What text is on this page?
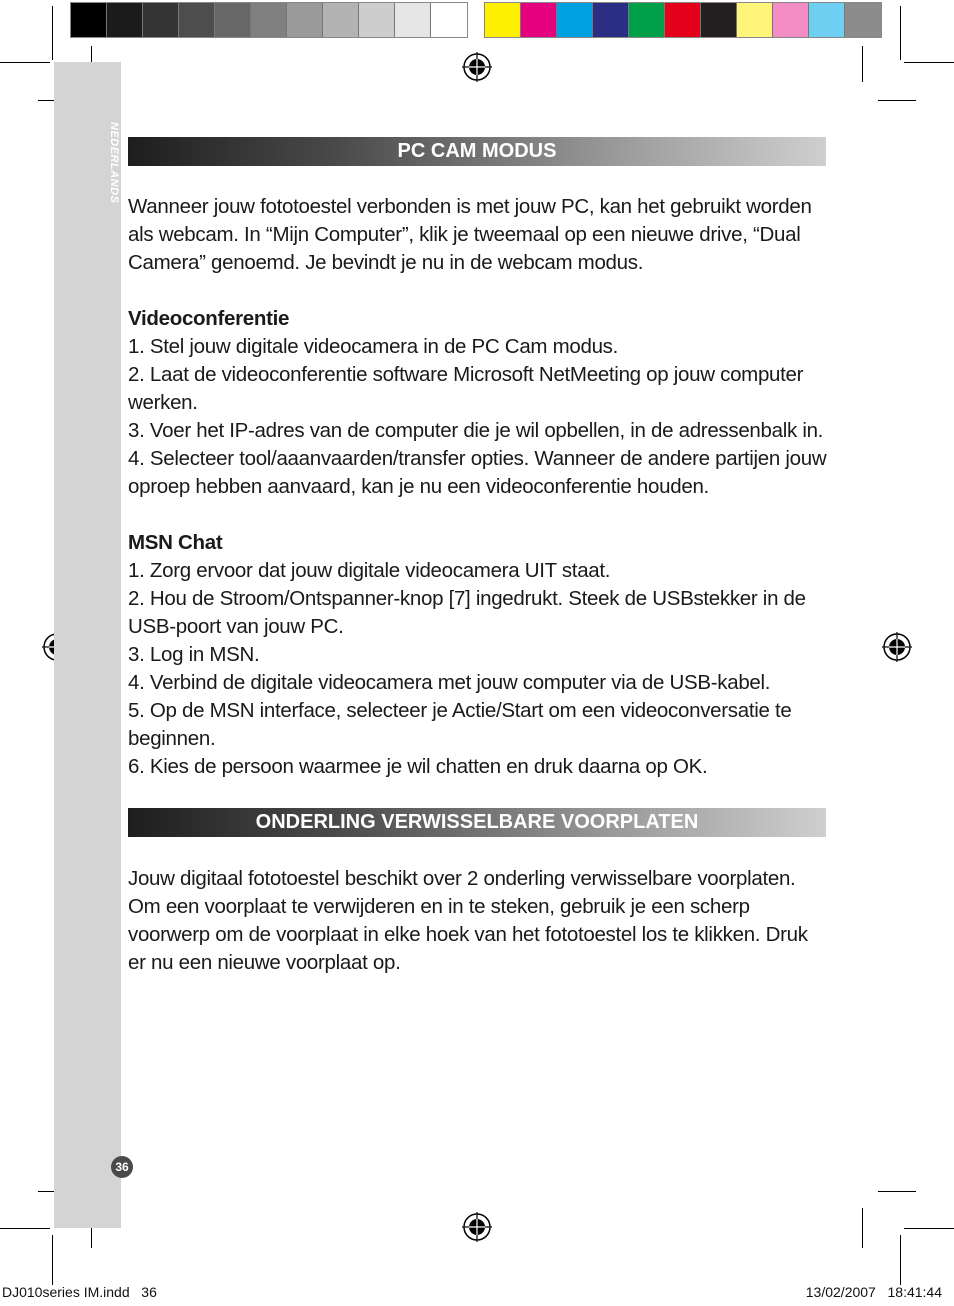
NEDERLANDS
36
PC CAM MODUS

Wanneer jouw fototoestel verbonden is met jouw PC, kan het gebruikt worden als webcam. In “Mijn Computer”, klik je tweemaal op een nieuwe drive, “Dual Camera” genoemd. Je bevindt je nu in de webcam modus.

Videoconferentie

1. Stel jouw digitale videocamera in de PC Cam modus.

2. Laat de videoconferentie software Microsoft NetMeeting op jouw computer werken.

3. Voer het IP-adres van de computer die je wil opbellen, in de adressenbalk in.

4. Selecteer tool/aaanvaarden/transfer opties. Wanneer de andere partijen jouw oproep hebben aanvaard, kan je nu een videoconferentie houden.

MSN Chat

1. Zorg ervoor dat jouw digitale videocamera UIT staat.

2. Hou de Stroom/Ontspanner-knop [7] ingedrukt. Steek de USBstekker in de USB-poort van jouw PC.

3. Log in MSN.

4. Verbind de digitale videocamera met jouw computer via de USB-kabel.

5. Op de MSN interface, selecteer je Actie/Start om een videoconversatie te beginnen.

6. Kies de persoon waarmee je wil chatten en druk daarna op OK.

ONDERLING VERWISSELBARE VOORPLATEN

Jouw digitaal fototoestel beschikt over 2 onderling verwisselbare voorplaten. Om een voorplaat te verwijderen en in te steken, gebruik je een scherp voorwerp om de voorplaat in elke hoek van het fototoestel los te klikken. Druk er nu een nieuwe voorplaat op.

DJ010series IM.indd   36	13/02/2007   18:41:44
